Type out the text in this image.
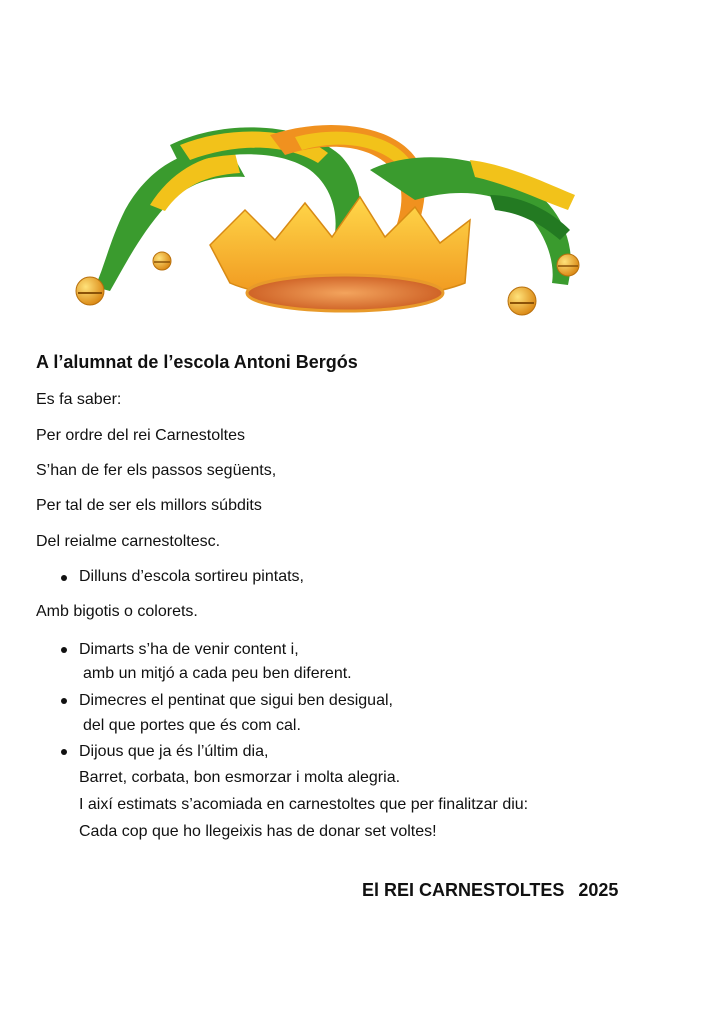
A l’alumnat de l’escola Antoni Bergós
Es fa saber:
Per ordre del rei Carnestoltes
S’han de fer els passos següents,
Per tal de ser els millors súbdits
Del reialme carnestoltesc.
Dilluns d’escola sortireu pintats,
Amb bigotis o colorets.
Dimarts s’ha de venir content i,
amb un mitjó a cada peu ben diferent.
Dimecres el pentinat que sigui ben desigual,
del que portes que és com cal.
Dijous que ja és l’últim dia,
Barret, corbata, bon esmorzar i molta alegria.
I així estimats s’acomiada en carnestoltes que per finalitzar diu:
Cada cop que ho llegeixis has de donar set voltes!
El REI CARNESTOLTES 2025
